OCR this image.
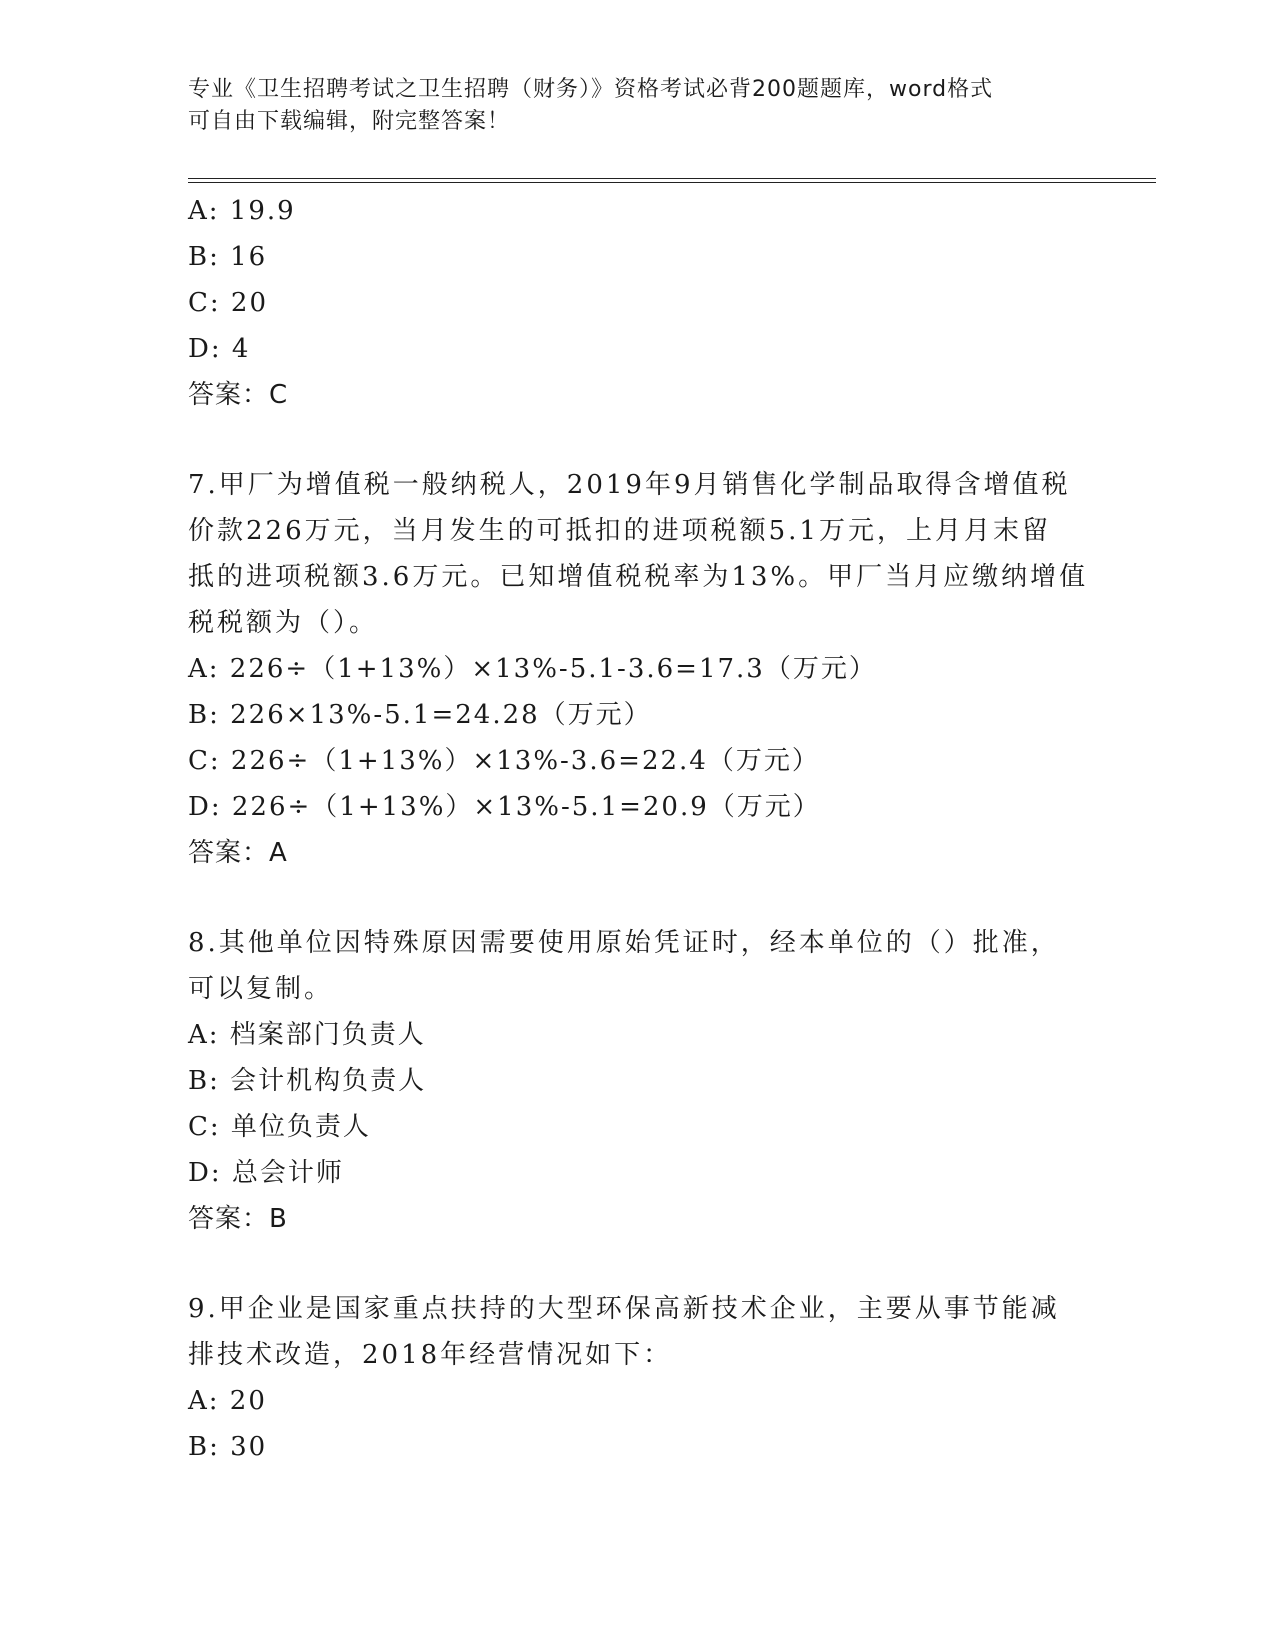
专业《卫生招聘考试之卫生招聘（财务）》资格考试必背200题题库，word格式
可自由下载编辑，附完整答案！
A: 19.9
B: 16
C: 20
D: 4
答案：C
7.甲厂为增值税一般纳税人，2019年9月销售化学制品取得含增值税
价款226万元，当月发生的可抵扣的进项税额5.1万元，上月月末留
抵的进项税额3.6万元。已知增值税税率为13%。甲厂当月应缴纳增值
税税额为（）。
A: 226÷（1+13%）×13%-5.1-3.6=17.3（万元）
B: 226×13%-5.1=24.28（万元）
C: 226÷（1+13%）×13%-3.6=22.4（万元）
D: 226÷（1+13%）×13%-5.1=20.9（万元）
答案：A
8.其他单位因特殊原因需要使用原始凭证时，经本单位的（）批准，
可以复制。
A: 档案部门负责人
B: 会计机构负责人
C: 单位负责人
D: 总会计师
答案：B
9.甲企业是国家重点扶持的大型环保高新技术企业，主要从事节能减
排技术改造，2018年经营情况如下：
A: 20
B: 30
